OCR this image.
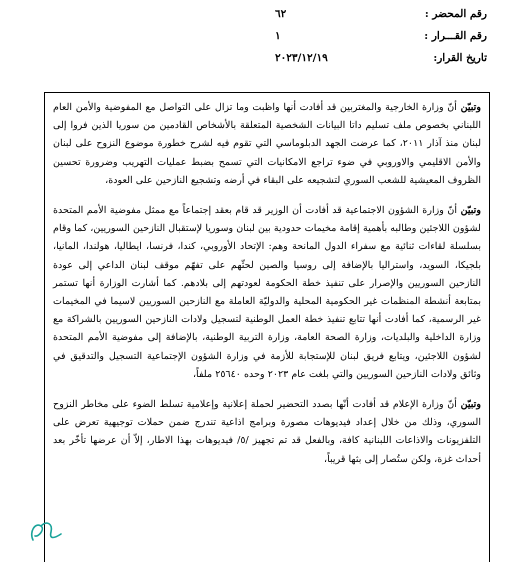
رقم المحضر :
٦٢
رقم القـــرار :
١
تاريخ القرار:
٢٠٢٣/١٢/١٩

وتبيّن أنّ وزارة الخارجية والمغتربين قد أفادت أنها واظبت وما تزال على التواصل مع المفوضية والأمن العام اللبناني بخصوص ملف تسليم داتا البيانات الشخصية المتعلقة بالأشخاص القادمين من سوريا الذين فروا إلى لبنان منذ آذار ٢٠١١، كما عرضت الجهد الدبلوماسي التي تقوم فيه لشرح خطورة موضوع النزوح على لبنان والأمن الاقليمي والاوروبي في ضوء تراجع الامكانيات التي تسمح بضبط عمليات التهريب وضرورة تحسين الظروف المعيشية للشعب السوري لتشجيعه على البقاء في أرضه وتشجيع النازحين على العودة،

وتبيّن أنّ وزارة الشؤون الاجتماعية قد أفادت أن الوزير قد قام بعقد إجتماعاً مع ممثل مفوضية الأمم المتحدة لشؤون اللاجئين وطالبه بأهمية إقامة مخيمات حدودية بين لبنان وسوريا لإستقبال النازحين السوريين، كما وقام بسلسلة لقاءات ثنائية مع سفراء الدول المانحة وهم: الإتحاد الأوروبي، كندا، فرنسا، ايطاليا، هولندا، المانيا، بلجيكا، السويد، واستراليا بالإضافة إلى روسيا والصين لحثّهم على تفهّم موقف لبنان الداعي إلى عودة النازحين السوريين والإصرار على تنفيذ خطة الحكومة لعودتهم إلى بلادهم. كما أشارت الوزارة أنها تستمر بمتابعة أنشطة المنظمات غير الحكومية المحلية والدوليّة العاملة مع النازحين السوريين لاسيما في المخيمات غير الرسمية، كما أفادت أنها تتابع تنفيذ خطة العمل الوطنية لتسجيل ولادات النازحين السوريين بالشراكة مع وزارة الداخلية والبلديات، وزارة الصحة العامة، وزارة التربية الوطنية، بالإضافة إلى مفوضية الأمم المتحدة لشؤون اللاجئين، ويتابع فريق لبنان للإستجابة للأزمة في وزارة الشؤون الإجتماعية التسجيل والتدقيق في وثائق ولادات النازحين السوريين والتي بلغت عام ٢٠٢٣ وحده ٢٥٦٤٠ ملفاً،

وتبيّن أنّ وزارة الإعلام قد أفادت أنّها بصدد التحضير لحملة إعلانية وإعلامية تسلط الضوء على مخاطر النزوح السوري، وذلك من خلال إعداد فيديوهات مصورة وبرامج اذاعية تندرج ضمن حملات توجيهية تعرض على التلفزيونات والاذاعات اللبنانية كافة، وبالفعل قد تم تجهيز /٥/ فيديوهات بهذا الاطار، إلاّ أن عرضها تأخّر بعد أحداث غزة، ولكن ستُصار إلى بثها قريباً،
